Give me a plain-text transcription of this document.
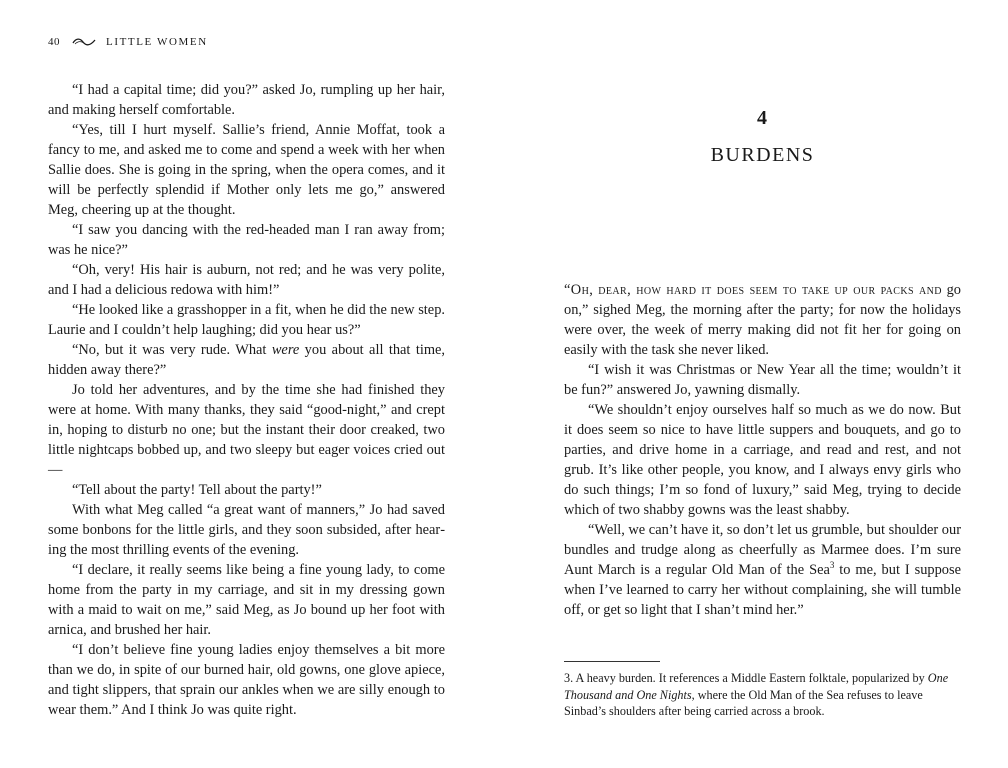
40	LITTLE WOMEN

“I had a capital time; did you?” asked Jo, rumpling up her hair, and making herself comfortable.

“Yes, till I hurt myself. Sallie’s friend, Annie Moffat, took a fancy to me, and asked me to come and spend a week with her when Sallie does. She is going in the spring, when the opera comes, and it will be perfectly splendid if Mother only lets me go,” answered Meg, cheering up at the thought.

“I saw you dancing with the red-headed man I ran away from; was he nice?”

“Oh, very! His hair is auburn, not red; and he was very polite, and I had a delicious redowa with him!”

“He looked like a grasshopper in a fit, when he did the new step. Laurie and I couldn’t help laughing; did you hear us?”

“No, but it was very rude. What were you about all that time, hidden away there?”

Jo told her adventures, and by the time she had finished they were at home. With many thanks, they said “good-night,” and crept in, hoping to disturb no one; but the instant their door creaked, two little nightcaps bobbed up, and two sleepy but eager voices cried out—

“Tell about the party! Tell about the party!”

With what Meg called “a great want of manners,” Jo had saved some bonbons for the little girls, and they soon subsided, after hearing the most thrilling events of the evening.

“I declare, it really seems like being a fine young lady, to come home from the party in my carriage, and sit in my dressing gown with a maid to wait on me,” said Meg, as Jo bound up her foot with arnica, and brushed her hair.

“I don’t believe fine young ladies enjoy themselves a bit more than we do, in spite of our burned hair, old gowns, one glove apiece, and tight slippers, that sprain our ankles when we are silly enough to wear them.” And I think Jo was quite right.

4
BURDENS

“Oh, dear, how hard it does seem to take up our packs and go on,” sighed Meg, the morning after the party; for now the holidays were over, the week of merry making did not fit her for going on easily with the task she never liked.

“I wish it was Christmas or New Year all the time; wouldn’t it be fun?” answered Jo, yawning dismally.

“We shouldn’t enjoy ourselves half so much as we do now. But it does seem so nice to have little suppers and bouquets, and go to parties, and drive home in a carriage, and read and rest, and not grub. It’s like other people, you know, and I always envy girls who do such things; I’m so fond of luxury,” said Meg, trying to decide which of two shabby gowns was the least shabby.

“Well, we can’t have it, so don’t let us grumble, but shoulder our bundles and trudge along as cheerfully as Marmee does. I’m sure Aunt March is a regular Old Man of the Sea$^3$ to me, but I suppose when I’ve learned to carry her without complaining, she will tumble off, or get so light that I shan’t mind her.”

3. A heavy burden. It references a Middle Eastern folktale, popularized by One Thousand and One Nights, where the Old Man of the Sea refuses to leave Sinbad’s shoulders after being carried across a brook.
